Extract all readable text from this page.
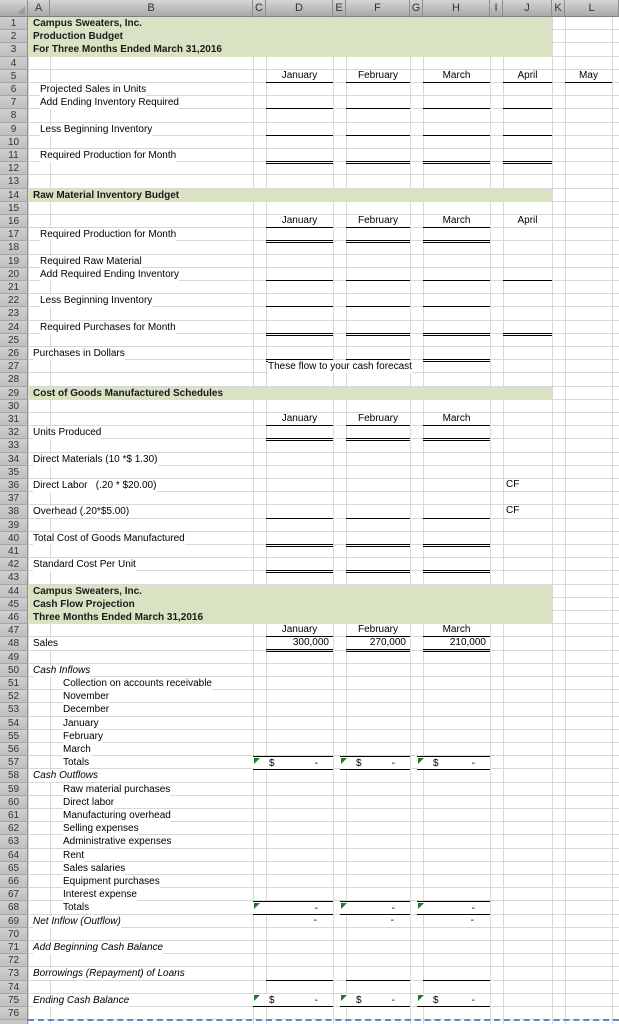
Campus Sweaters, Inc.
Production Budget
For Three Months Ended March 31,2016
January	February	March	April	May
Projected Sales in Units
Add Ending Inventory Required
Less Beginning Inventory
Required Production for Month
Raw Material Inventory Budget
January	February	March	April
Required Production for Month
Required Raw Material
Add Required Ending Inventory
Less Beginning Inventory
Required Purchases for Month
Purchases in Dollars
These flow to your cash forecast
Cost of Goods Manufactured Schedules
January	February	March
Units Produced
Direct Materials (10 *$ 1.30)
Direct Labor   (.20 * $20.00)	CF
Overhead (.20*$5.00)	CF
Total Cost of Goods Manufactured
Standard Cost Per Unit
Campus Sweaters, Inc.
Cash Flow Projection
Three Months Ended March 31,2016
January	February	March
Sales	300,000	270,000	210,000
Cash Inflows
Collection on accounts receivable
November
December
January
February
March
Totals	$	-	$	-	$	-
Cash Outflows
Raw material purchases
Direct labor
Manufacturing overhead
Selling expenses
Administrative expenses
Rent
Sales salaries
Equipment purchases
Interest expense
Totals	-	-	-
Net Inflow (Outflow)	-	-	-
Add Beginning Cash Balance
Borrowings (Repayment) of Loans
Ending Cash Balance	$	-	$	-	$	-
1
2
3
4
5
6
7
8
9
10
11
12
13
14
15
16
17
18
19
20
21
22
23
24
25
26
27
28
29
30
31
32
33
34
35
36
37
38
39
40
41
42
43
44
45
46
47
48
49
50
51
52
53
54
55
56
57
58
59
60
61
62
63
64
65
66
67
68
69
70
71
72
73
74
75
76
A	B	C	D	E	F	G	H	I	J	K	L
